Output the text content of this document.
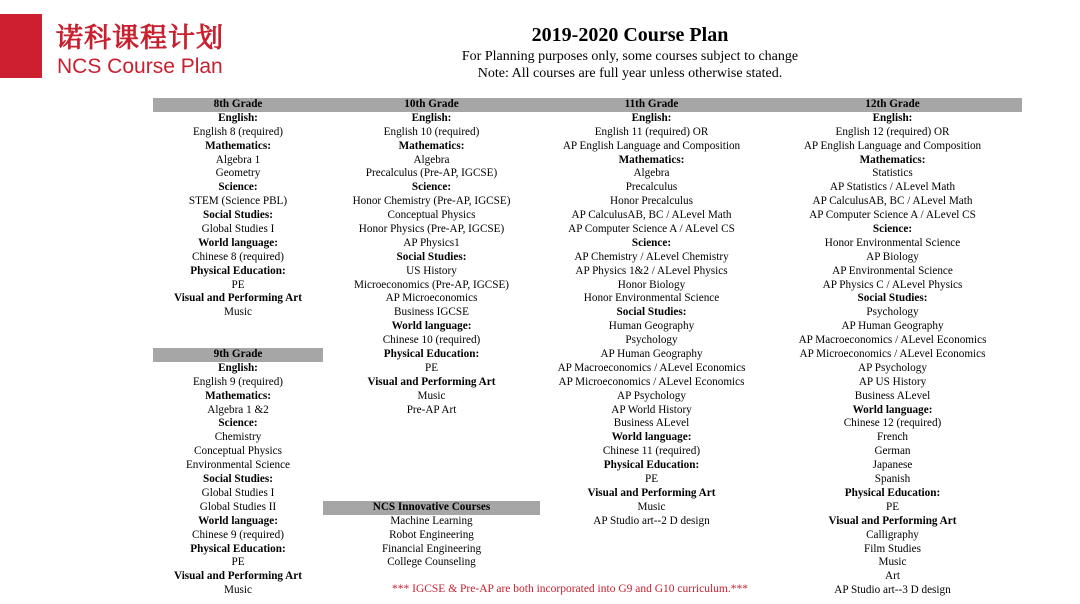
诺科课程计划
NCS Course Plan
2019-2020 Course Plan
For Planning purposes only, some courses subject to change
Note: All courses are full year unless otherwise stated.
8th Grade
English:
English 8 (required)
Mathematics:
Algebra 1
Geometry
Science:
STEM (Science PBL)
Social Studies:
Global Studies I
World language:
Chinese 8 (required)
Physical Education:
PE
Visual and Performing Art
Music
9th Grade
English:
English 9 (required)
Mathematics:
Algebra 1 &2
Science:
Chemistry
Conceptual Physics
Environmental Science
Social Studies:
Global Studies I
Global Studies II
World language:
Chinese 9 (required)
Physical Education:
PE
Visual and Performing Art
Music
10th Grade
English:
English 10 (required)
Mathematics:
Algebra
Precalculus (Pre-AP, IGCSE)
Science:
Honor Chemistry (Pre-AP, IGCSE)
Conceptual Physics
Honor Physics (Pre-AP, IGCSE)
AP Physics1
Social Studies:
US History
Microeconomics (Pre-AP, IGCSE)
AP Microeconomics
Business IGCSE
World language:
Chinese 10 (required)
Physical Education:
PE
Visual and Performing Art
Music
Pre-AP Art
NCS Innovative Courses
Machine Learning
Robot Engineering
Financial Engineering
College Counseling
11th Grade
English:
English 11 (required) OR
AP English Language and Composition
Mathematics:
Algebra
Precalculus
Honor Precalculus
AP CalculusAB, BC / ALevel Math
AP Computer Science A / ALevel CS
Science:
AP Chemistry / ALevel Chemistry
AP Physics 1&2 / ALevel Physics
Honor Biology
Honor Environmental Science
Social Studies:
Human Geography
Psychology
AP Human Geography
AP Macroeconomics / ALevel Economics
AP Microeconomics / ALevel Economics
AP Psychology
AP World History
Business ALevel
World language:
Chinese 11 (required)
Physical Education:
PE
Visual and Performing Art
Music
AP Studio art--2 D design
12th Grade
English:
English 12 (required) OR
AP English Language and Composition
Mathematics:
Statistics
AP Statistics / ALevel Math
AP CalculusAB, BC / ALevel Math
AP Computer Science A / ALevel CS
Science:
Honor Environmental Science
AP Biology
AP Environmental Science
AP Physics C / ALevel Physics
Social Studies:
Psychology
AP Human Geography
AP Macroeconomics / ALevel Economics
AP Microeconomics / ALevel Economics
AP Psychology
AP US History
Business ALevel
World language:
Chinese 12 (required)
French
German
Japanese
Spanish
Physical Education:
PE
Visual and Performing Art
Calligraphy
Film Studies
Music
Art
AP Studio art--3 D design
*** IGCSE & Pre-AP are both incorporated into G9 and G10 curriculum.***
